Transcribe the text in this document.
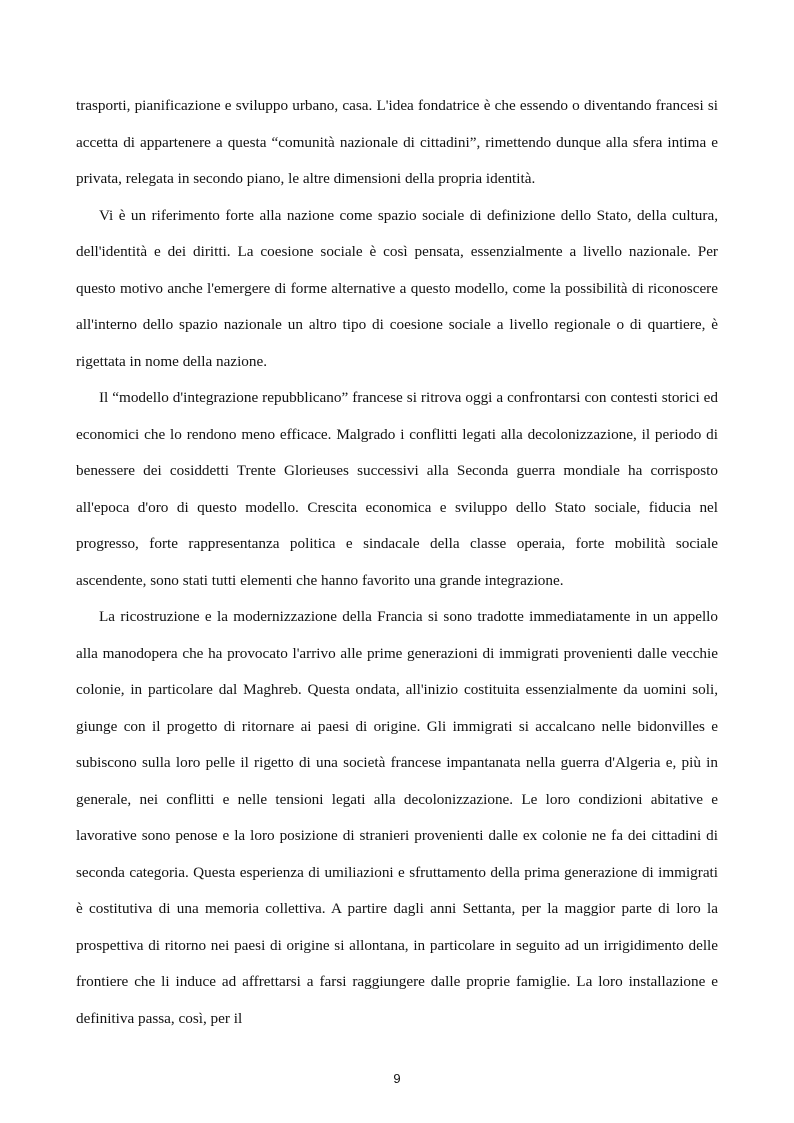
trasporti, pianificazione e sviluppo urbano, casa. L'idea fondatrice è che essendo o diventando francesi si accetta di appartenere a questa “comunità nazionale di cittadini”, rimettendo dunque alla sfera intima e privata, relegata in secondo piano, le altre dimensioni della propria identità.

Vi è un riferimento forte alla nazione come spazio sociale di definizione dello Stato, della cultura, dell'identità e dei diritti. La coesione sociale è così pensata, essenzialmente a livello nazionale. Per questo motivo anche l'emergere di forme alternative a questo modello, come la possibilità di riconoscere all'interno dello spazio nazionale un altro tipo di coesione sociale a livello regionale o di quartiere, è rigettata in nome della nazione.

Il “modello d'integrazione repubblicano” francese si ritrova oggi a confrontarsi con contesti storici ed economici che lo rendono meno efficace. Malgrado i conflitti legati alla decolonizzazione, il periodo di benessere dei cosiddetti Trente Glorieuses successivi alla Seconda guerra mondiale ha corrisposto all'epoca d'oro di questo modello. Crescita economica e sviluppo dello Stato sociale, fiducia nel progresso, forte rappresentanza politica e sindacale della classe operaia, forte mobilità sociale ascendente, sono stati tutti elementi che hanno favorito una grande integrazione.

La ricostruzione e la modernizzazione della Francia si sono tradotte immediatamente in un appello alla manodopera che ha provocato l'arrivo alle prime generazioni di immigrati provenienti dalle vecchie colonie, in particolare dal Maghreb. Questa ondata, all'inizio costituita essenzialmente da uomini soli, giunge con il progetto di ritornare ai paesi di origine. Gli immigrati si accalcano nelle bidonvilles e subiscono sulla loro pelle il rigetto di una società francese impantanata nella guerra d'Algeria e, più in generale, nei conflitti e nelle tensioni legati alla decolonizzazione. Le loro condizioni abitative e lavorative sono penose e la loro posizione di stranieri provenienti dalle ex colonie ne fa dei cittadini di seconda categoria. Questa esperienza di umiliazioni e sfruttamento della prima generazione di immigrati è costitutiva di una memoria collettiva. A partire dagli anni Settanta, per la maggior parte di loro la prospettiva di ritorno nei paesi di origine si allontana, in particolare in seguito ad un irrigidimento delle frontiere che li induce ad affrettarsi a farsi raggiungere dalle proprie famiglie. La loro installazione e definitiva passa, così, per il

9
